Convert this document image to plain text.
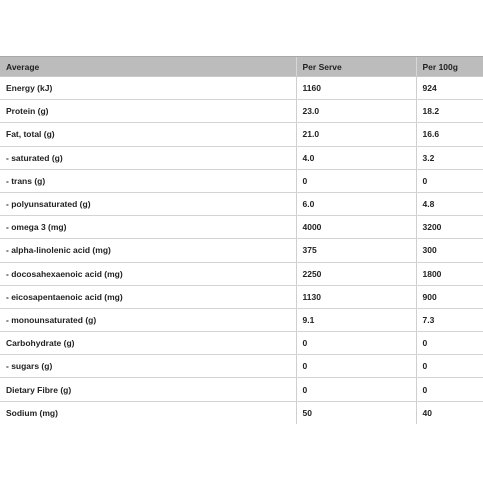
Average	Per Serve	Per 100g
Energy (kJ)	1160	924
Protein (g)	23.0	18.2
Fat, total (g)	21.0	16.6
- saturated (g)	4.0	3.2
- trans (g)	0	0
- polyunsaturated (g)	6.0	4.8
- omega 3 (mg)	4000	3200
- alpha-linolenic acid (mg)	375	300
- docosahexaenoic acid (mg)	2250	1800
- eicosapentaenoic acid (mg)	1130	900
- monounsaturated (g)	9.1	7.3
Carbohydrate (g)	0	0
- sugars (g)	0	0
Dietary Fibre (g)	0	0
Sodium (mg)	50	40
